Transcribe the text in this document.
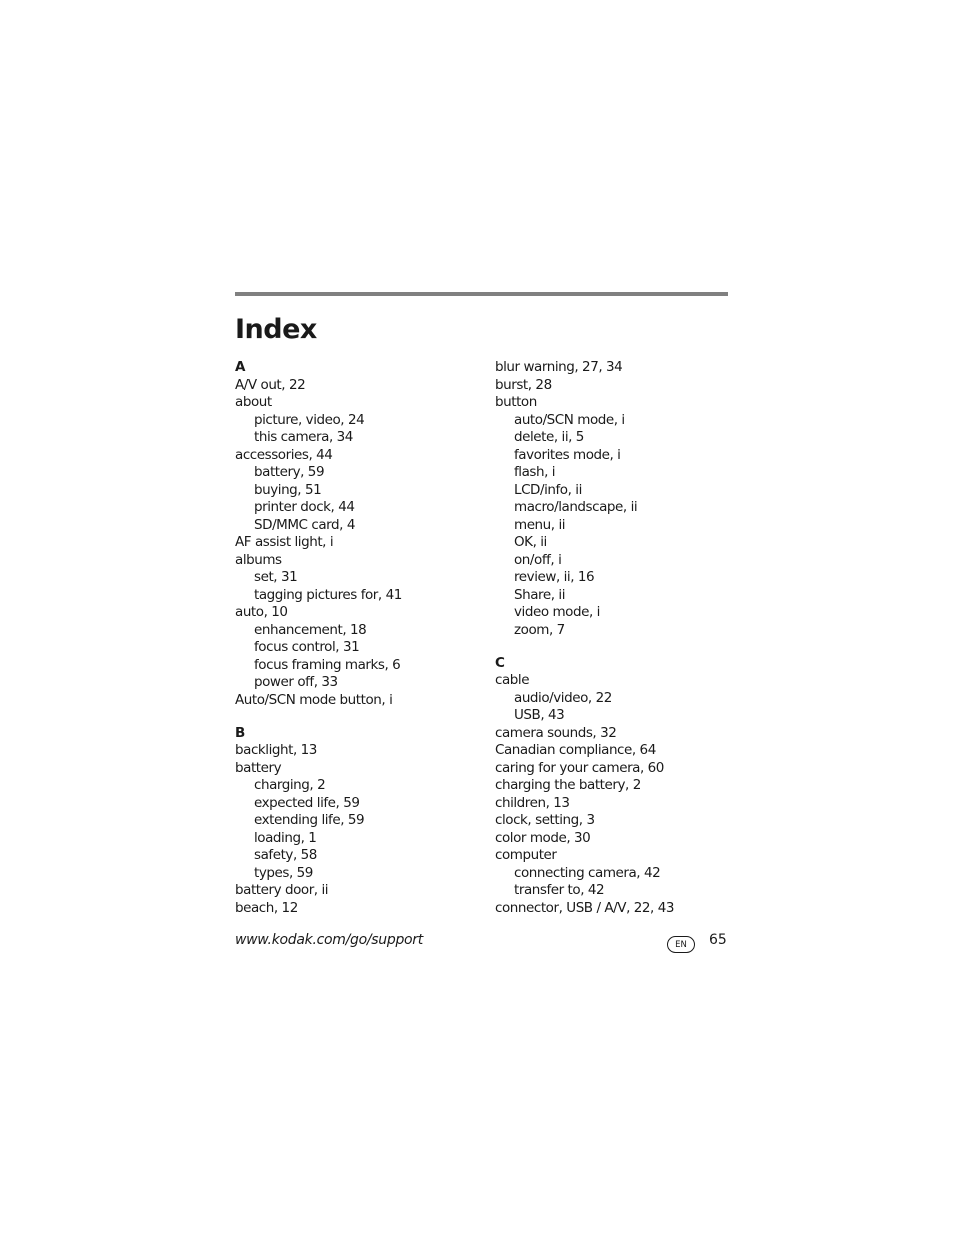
Index
A
A/V out, 22
about
picture, video, 24
this camera, 34
accessories, 44
battery, 59
buying, 51
printer dock, 44
SD/MMC card, 4
AF assist light, i
albums
set, 31
tagging pictures for, 41
auto, 10
enhancement, 18
focus control, 31
focus framing marks, 6
power off, 33
Auto/SCN mode button, i
B
backlight, 13
battery
charging, 2
expected life, 59
extending life, 59
loading, 1
safety, 58
types, 59
battery door, ii
beach, 12
blur warning, 27, 34
burst, 28
button
auto/SCN mode, i
delete, ii, 5
favorites mode, i
flash, i
LCD/info, ii
macro/landscape, ii
menu, ii
OK, ii
on/off, i
review, ii, 16
Share, ii
video mode, i
zoom, 7
C
cable
audio/video, 22
USB, 43
camera sounds, 32
Canadian compliance, 64
caring for your camera, 60
charging the battery, 2
children, 13
clock, setting, 3
color mode, 30
computer
connecting camera, 42
transfer to, 42
connector, USB / A/V, 22, 43
www.kodak.com/go/support	EN	65
